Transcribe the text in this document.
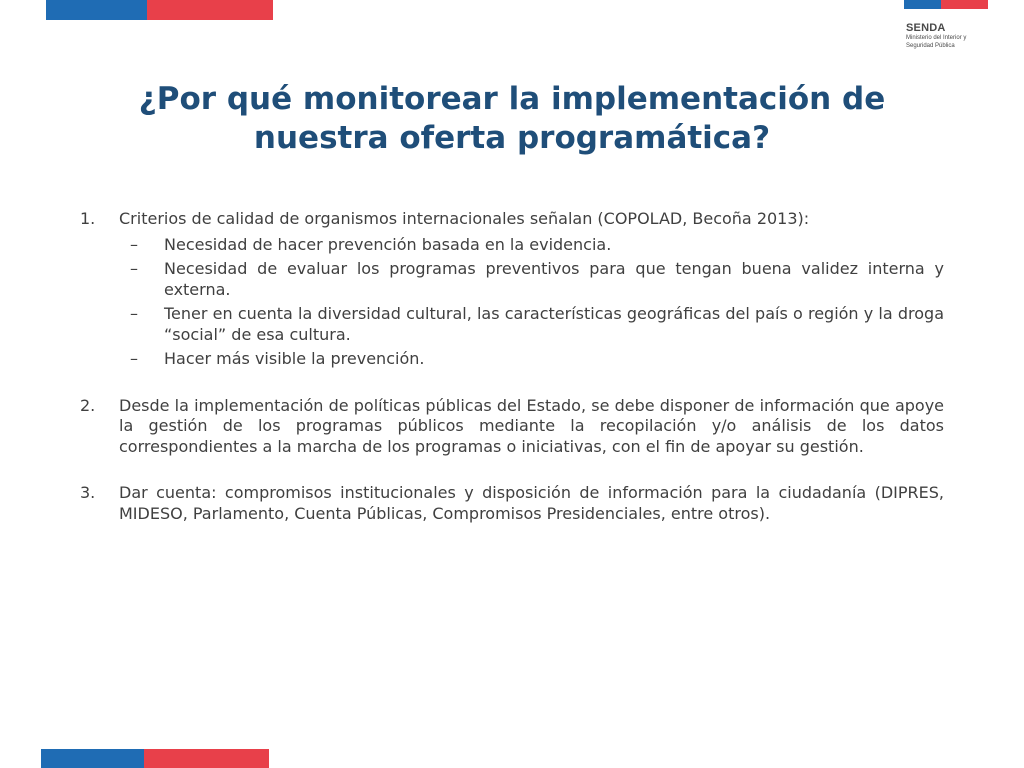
SENDA
Ministerio del Interior y Seguridad Pública
¿Por qué monitorear la implementación de
nuestra oferta programática?
1.	Criterios de calidad de organismos internacionales señalan (COPOLAD, Becoña 2013):
–	Necesidad de hacer prevención basada en la evidencia.
–	Necesidad de evaluar los programas preventivos para que tengan buena validez interna y externa.
–	Tener en cuenta la diversidad cultural, las características geográficas del país o región y la droga “social” de esa cultura.
–	Hacer más visible la prevención.
2.	Desde la implementación de políticas públicas del Estado, se debe disponer de información que apoye la gestión de los programas públicos mediante la recopilación y/o análisis de los datos correspondientes a la marcha de los programas o iniciativas, con el fin de apoyar su gestión.
3.	Dar cuenta: compromisos institucionales y disposición de información para la ciudadanía (DIPRES, MIDESO, Parlamento, Cuenta Públicas, Compromisos Presidenciales, entre otros).
